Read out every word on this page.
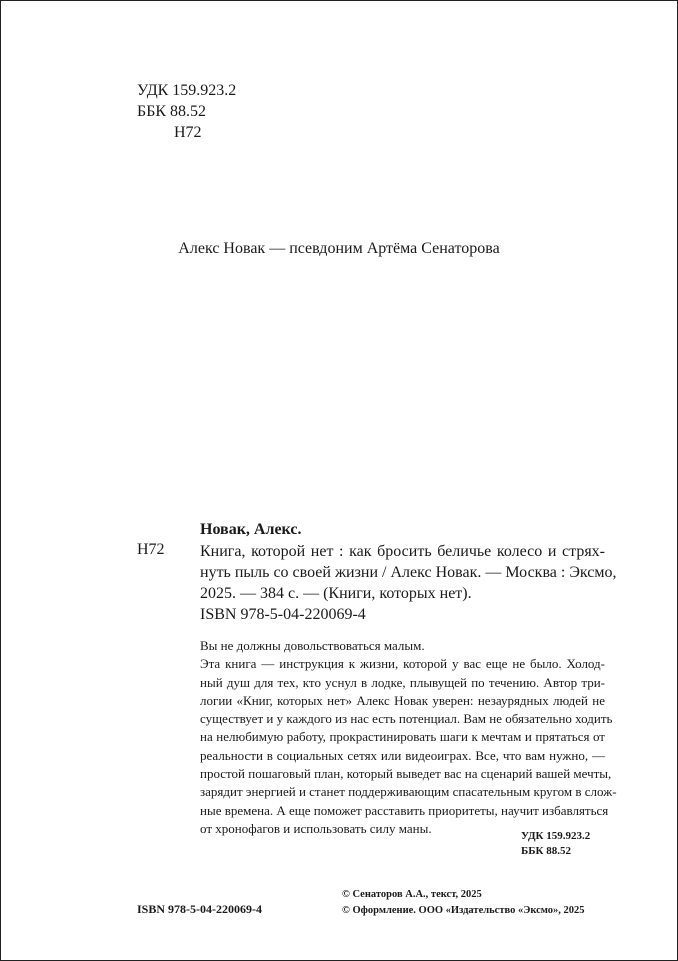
УДК 159.923.2
ББК 88.52
Н72
Алекс Новак — псевдоним Артёма Сенаторова
Новак, Алекс.
Н72 Книга, которой нет : как бросить беличье колесо и стрях-
нуть пыль со своей жизни / Алекс Новак. — Москва : Эксмо,
2025. — 384 с. — (Книги, которых нет).
ISBN 978-5-04-220069-4
Вы не должны довольствоваться малым.
Эта книга — инструкция к жизни, которой у вас еще не было. Холод-
ный душ для тех, кто уснул в лодке, плывущей по течению. Автор три-
логии «Книг, которых нет» Алекс Новак уверен: незаурядных людей не
существует и у каждого из нас есть потенциал. Вам не обязательно ходить
на нелюбимую работу, прокрастинировать шаги к мечтам и прятаться от
реальности в социальных сетях или видеоиграх. Все, что вам нужно, —
простой пошаговый план, который выведет вас на сценарий вашей мечты,
зарядит энергией и станет поддерживающим спасательным кругом в слож-
ные времена. А еще поможет расставить приоритеты, научит избавляться
от хронофагов и использовать силу маны.
УДК 159.923.2
ББК 88.52
© Сенаторов А.А., текст, 2025
© Оформление. ООО «Издательство «Эксмо», 2025
ISBN 978-5-04-220069-4
